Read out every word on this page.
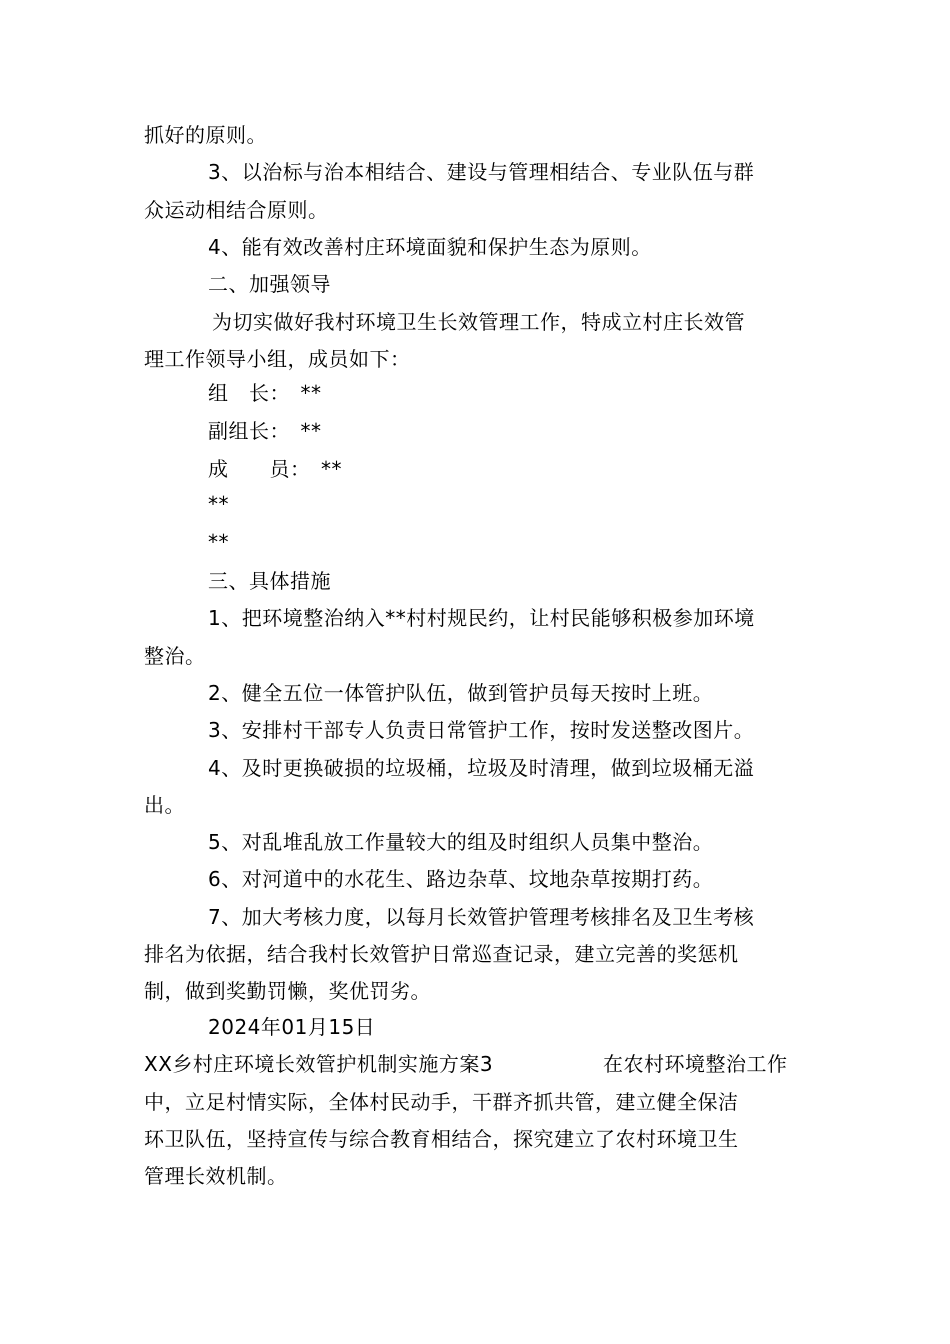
抓好的原则。
3、以治标与治本相结合、建设与管理相结合、专业队伍与群
众运动相结合原则。
4、能有效改善村庄环境面貌和保护生态为原则。
二、加强领导
为切实做好我村环境卫生长效管理工作，特成立村庄长效管
理工作领导小组，成员如下：
组　长：　**
副组长：　**
成　　员：　**
**
**
三、具体措施
1、把环境整治纳入**村村规民约，让村民能够积极参加环境
整治。
2、健全五位一体管护队伍，做到管护员每天按时上班。
3、安排村干部专人负责日常管护工作，按时发送整改图片。
4、及时更换破损的垃圾桶，垃圾及时清理，做到垃圾桶无溢
出。
5、对乱堆乱放工作量较大的组及时组织人员集中整治。
6、对河道中的水花生、路边杂草、坟地杂草按期打药。
7、加大考核力度，以每月长效管护管理考核排名及卫生考核
排名为依据，结合我村长效管护日常巡查记录，建立完善的奖惩机
制，做到奖勤罚懒，奖优罚劣。
2024年01月15日
XX乡村庄环境长效管护机制实施方案3	在农村环境整治工作
中，立足村情实际，全体村民动手，干群齐抓共管，建立健全保洁
环卫队伍，坚持宣传与综合教育相结合，探究建立了农村环境卫生
管理长效机制。
